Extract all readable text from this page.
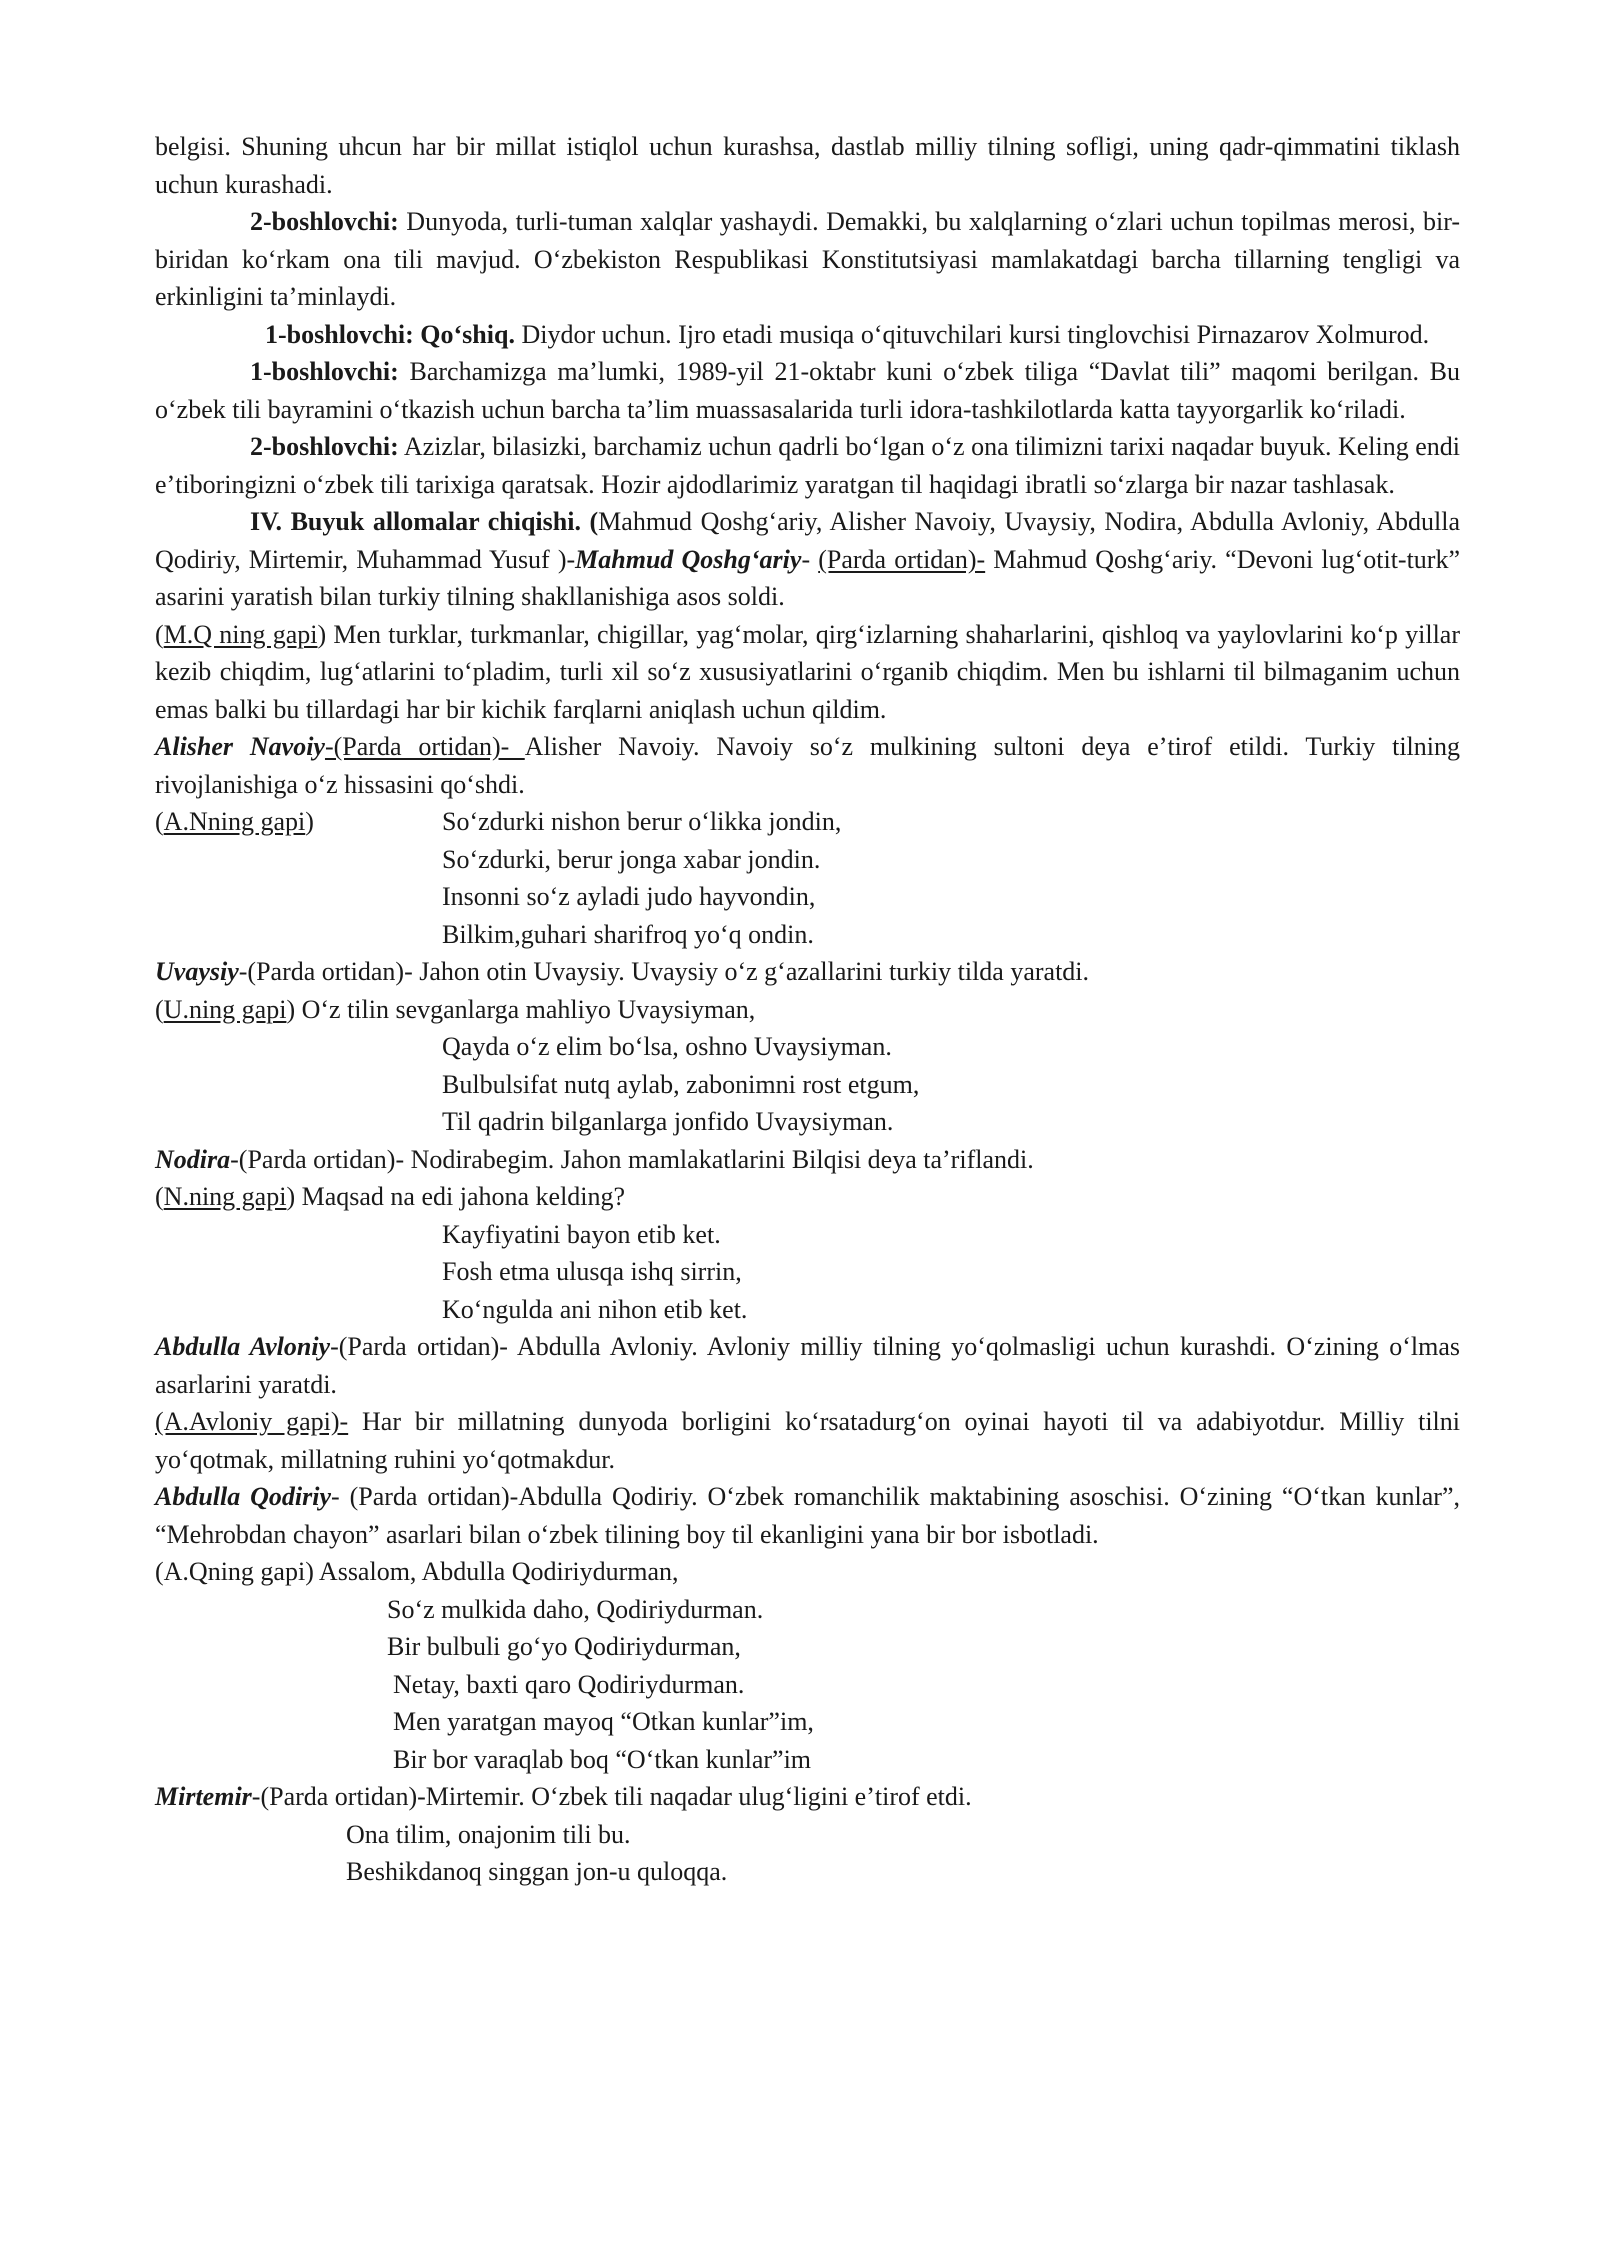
belgisi. Shuning uhcun har bir millat istiqlol uchun kurashsa, dastlab milliy tilning sofligi, uning qadr-qimmatini tiklash uchun kurashadi.

2-boshlovchi: Dunyoda, turli-tuman xalqlar yashaydi. Demakki, bu xalqlarning oʻzlari uchun topilmas merosi, bir-biridan koʻrkam ona tili mavjud. Oʻzbekiston Respublikasi Konstitutsiyasi mamlakatdagi barcha tillarning tengligi va erkinligini taʼminlaydi.

1-boshlovchi: Qoʻshiq. Diydor uchun. Ijro etadi musiqa oʻqituvchilari kursi tinglovchisi Pirnazarov Xolmurod.

1-boshlovchi: Barchamizga maʼlumki, 1989-yil 21-oktabr kuni oʻzbek tiliga “Davlat tili” maqomi berilgan. Bu oʻzbek tili bayramini oʻtkazish uchun barcha taʼlim muassasalarida turli idora-tashkilotlarda katta tayyorgarlik koʻriladi.

2-boshlovchi: Azizlar, bilasizki, barchamiz uchun qadrli boʻlgan oʻz ona tilimizni tarixi naqadar buyuk. Keling endi eʼtiboringizni oʻzbek tili tarixiga qaratsak. Hozir ajdodlarimiz yaratgan til haqidagi ibratli soʻzlarga bir nazar tashlasak.

IV. Buyuk allomalar chiqishi. (Mahmud Qoshgʻariy, Alisher Navoiy, Uvaysiy, Nodira, Abdulla Avloniy, Abdulla Qodiriy, Mirtemir, Muhammad Yusuf )-Mahmud Qoshgʻariy- (Parda ortidan)- Mahmud Qoshgʻariy. “Devoni lugʻotit-turk” asarini yaratish bilan turkiy tilning shakllanishiga asos soldi.

(M.Q ning gapi) Men turklar, turkmanlar, chigillar, yagʻmolar, qirgʻizlarning shaharlarini, qishloq va yaylovlarini koʻp yillar kezib chiqdim, lugʻatlarini toʻpladim, turli xil soʻz xususiyatlarini oʻrganib chiqdim. Men bu ishlarni til bilmaganim uchun emas balki bu tillardagi har bir kichik farqlarni aniqlash uchun qildim.

Alisher Navoiy-(Parda ortidan)- Alisher Navoiy. Navoiy soʻz mulkining sultoni deya eʼtirof etildi. Turkiy tilning rivojlanishiga oʻz hissasini qoʻshdi.

(A.Nning gapi)	Soʻzdurki nishon berur oʻlikka jondin,

Soʻzdurki, berur jonga xabar jondin.

Insonni soʻz ayladi judo hayvondin,

Bilkim,guhari sharifroq yoʻq ondin.

Uvaysiy-(Parda ortidan)- Jahon otin Uvaysiy. Uvaysiy oʻz gʻazallarini turkiy tilda yaratdi.

(U.ning gapi) Oʻz tilin sevganlarga mahliyo Uvaysiyman,

Qayda oʻz elim boʻlsa, oshno Uvaysiyman.

Bulbulsifat nutq aylab, zabonimni rost etgum,

Til qadrin bilganlarga jonfido Uvaysiyman.

Nodira-(Parda ortidan)- Nodirabegim. Jahon mamlakatlarini Bilqisi deya taʼriflandi.

(N.ning gapi) Maqsad na edi jahona kelding?

Kayfiyatini bayon etib ket.

Fosh etma ulusqa ishq sirrin,

Koʻngulda ani nihon etib ket.

Abdulla Avloniy-(Parda ortidan)- Abdulla Avloniy. Avloniy milliy tilning yoʻqolmasligi uchun kurashdi. Oʻzining oʻlmas asarlarini yaratdi.

(A.Avloniy gapi)- Har bir millatning dunyoda borligini koʻrsatadurgʻon oyinai hayoti til va adabiyotdur. Milliy tilni yoʻqotmak, millatning ruhini yoʻqotmakdur.

Abdulla Qodiriy- (Parda ortidan)-Abdulla Qodiriy. Oʻzbek romanchilik maktabining asoschisi. Oʻzining “Oʻtkan kunlar”, “Mehrobdan chayon” asarlari bilan oʻzbek tilining boy til ekanligini yana bir bor isbotladi.

(A.Qning gapi) Assalom, Abdulla Qodiriydurman,

Soʻz mulkida daho, Qodiriydurman.

Bir bulbuli goʻyo Qodiriydurman,

Netay, baxti qaro Qodiriydurman.

Men yaratgan mayoq “Otkan kunlar”im,

Bir bor varaqlab boq “Oʻtkan kunlar”im

Mirtemir-(Parda ortidan)-Mirtemir. Oʻzbek tili naqadar ulugʻligini eʼtirof etdi.

Ona tilim, onajonim tili bu.

Beshikdanoq singgan jon-u quloqqa.
